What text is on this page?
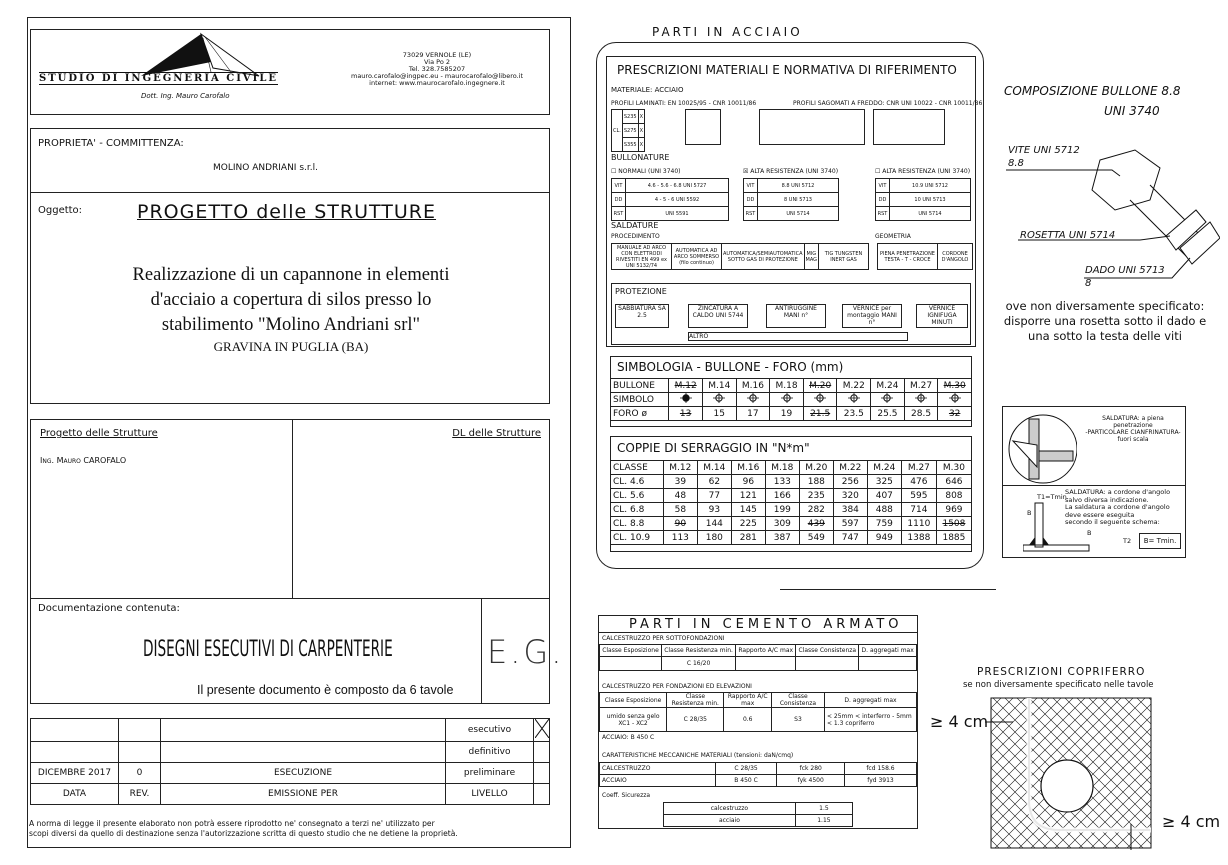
STUDIO DI INGEGNERIA CIVILE
Dott. Ing. Mauro Carofalo
73029 VERNOLE (LE)
Via Po 2
Tel. 328.7585207
mauro.carofalo@ingpec.eu - maurocarofalo@libero.it
internet: www.maurocarofalo.ingegnere.it
PROPRIETA' - COMMITTENZA:
MOLINO ANDRIANI s.r.l.
Oggetto:	PROGETTO delle STRUTTURE
Realizzazione di un capannone in elementi
d'acciaio a copertura di silos presso lo
stabilimento "Molino Andriani srl"
GRAVINA IN PUGLIA (BA)
Progetto delle Strutture
Ing. Mauro CAROFALO
DL delle Strutture
Documentazione contenuta:
DISEGNI ESECUTIVI DI CARPENTERIE
Il presente documento è composto da 6 tavole
E.G.
			esecutivo	
			definitivo	
DICEMBRE 2017	0	ESECUZIONE	preliminare	
DATA	REV.	EMISSIONE PER	LIVELLO	
A norma di legge il presente elaborato non potrà essere riprodotto ne' consegnato a terzi ne' utilizzato per
scopi diversi da quello di destinazione senza l'autorizzazione scritta di questo studio che ne detiene la proprietà.
PARTI IN ACCIAIO
PRESCRIZIONI MATERIALI E NORMATIVA DI RIFERIMENTO
MATERIALE: ACCIAIO
PROFILI LAMINATI: EN 10025/95 - CNR 10011/86	PROFILI SAGOMATI A FREDDO: CNR UNI 10022 - CNR 10011/86
CL.	S235	X
	S275	X
	S355	X
BULLONATURE
☐ NORMALI (UNI 3740)	☒ ALTA RESISTENZA (UNI 3740)	☐ ALTA RESISTENZA (UNI 3740)
VIT	4.6 - 5.6 - 6.8 UNI 5727
DD	4 - 5 - 6 UNI 5592
RST	UNI 5591
VIT	8.8 UNI 5712
DD	8 UNI 5713
RST	UNI 5714
VIT	10.9 UNI 5712
DD	10 UNI 5713
RST	UNI 5714
SALDATURE
PROCEDIMENTO	GEOMETRIA
MANUALE AD ARCO CON ELETTRODI RIVESTITI EN 499 ex UNI 5132/74	AUTOMATICA AD ARCO SOMMERSO (filo continuo)	AUTOMATICA/SEMIAUTOMATICA SOTTO GAS DI PROTEZIONE	MIG MAG	TIG TUNGSTEN INERT GAS
PIENA PENETRAZIONE TESTA - T - CROCE	CORDONE D'ANGOLO
PROTEZIONE
SABBIATURA SA 2.5
ZINCATURA A CALDO UNI 5744
ANTIRUGGINE MANI n°
VERNICE per montaggio MANI n°
VERNICE IGNIFUGA MINUTI
ALTRO
SIMBOLOGIA - BULLONE - FORO (mm)
BULLONE	M.12	M.14	M.16	M.18	M.20	M.22	M.24	M.27	M.30
SIMBOLO									
FORO ø	13	15	17	19	21.5	23.5	25.5	28.5	32
COPPIE DI SERRAGGIO IN "N*m"
CLASSE	M.12	M.14	M.16	M.18	M.20	M.22	M.24	M.27	M.30
CL. 4.6	39	62	96	133	188	256	325	476	646
CL. 5.6	48	77	121	166	235	320	407	595	808
CL. 6.8	58	93	145	199	282	384	488	714	969
CL. 8.8	90	144	225	309	439	597	759	1110	1508
CL. 10.9	113	180	281	387	549	747	949	1388	1885
COMPOSIZIONE BULLONE 8.8
UNI 3740
VITE UNI 5712
8.8
ROSETTA UNI 5714
DADO UNI 5713
8
ove non diversamente specificato:
disporre una rosetta sotto il dado e
una sotto la testa delle viti
SALDATURA: a piena penetrazione
-PARTICOLARE CIANFRINATURA-
fuori scala
SALDATURA: a cordone d'angolo
salvo diversa indicazione.
La saldatura a cordone d'angolo
deve essere eseguita
secondo il seguente schema:
T1=Tmin.
B
B
T2	B= Tmin.
PARTI IN CEMENTO ARMATO
CALCESTRUZZO PER SOTTOFONDAZIONI
Classe Esposizione	Classe Resistenza min.	Rapporto A/C max	Classe Consistenza	D. aggregati max
	C 16/20			
CALCESTRUZZO PER FONDAZIONI ED ELEVAZIONI
Classe Esposizione	Classe Resistenza min.	Rapporto A/C max	Classe Consistenza	D. aggregati max
umido senza gelo XC1 - XC2	C 28/35	0.6	S3	< 25mm < interferro - 5mm < 1.3 copriferro
ACCIAIO: B 450 C
CARATTERISTICHE MECCANICHE MATERIALI (tensioni: daN/cmq)
CALCESTRUZZO	C 28/35	fck 280	fcd 158.6
ACCIAIO	B 450 C	fyk 4500	fyd 3913
Coeff. Sicurezza
calcestruzzo	1.5
acciaio	1.15
PRESCRIZIONI COPRIFERRO
se non diversamente specificato nelle tavole
≥ 4 cm
≥ 4 cm
